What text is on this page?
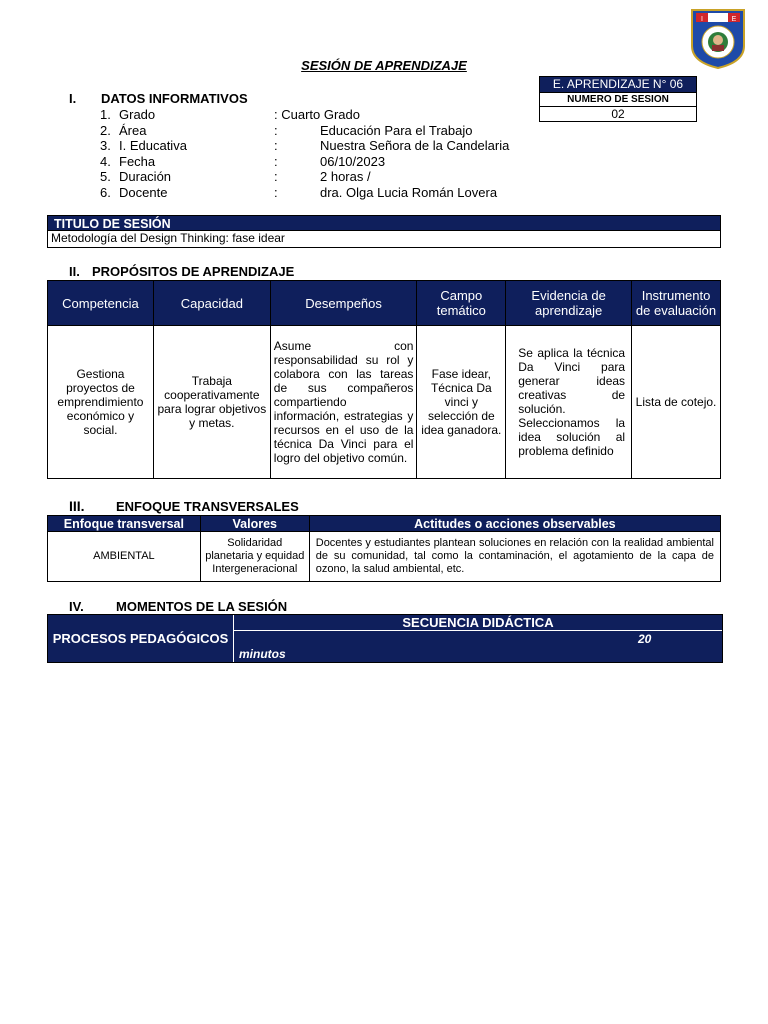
I	E
SESIÓN DE APRENDIZAJE
E. APRENDIZAJE N° 06
NUMERO DE SESION
02
I. DATOS INFORMATIVOS
1. Grado	: Cuarto Grado
2. Área	:	Educación Para el Trabajo
3. I. Educativa	:	Nuestra Señora de la Candelaria
4. Fecha	:	06/10/2023
5. Duración	:	2 horas /
6. Docente	:	dra. Olga Lucia Román Lovera
TITULO DE SESIÓN
Metodología del Design Thinking: fase idear
II. PROPÓSITOS DE APRENDIZAJE
Competencia	Capacidad	Desempeños	Campo temático	Evidencia de aprendizaje	Instrumento de evaluación
Gestiona proyectos de emprendimiento económico y social.	Trabaja cooperativamente para lograr objetivos y metas.	Asume con responsabilidad su rol y colabora con las tareas de sus compañeros compartiendo información, estrategias y recursos en el uso de la técnica Da Vinci para el logro del objetivo común.	Fase idear, Técnica Da vinci y selección de idea ganadora.	Se aplica la técnica Da Vinci para generar ideas creativas de solución. Seleccionamos la idea solución al problema definido	Lista de cotejo.
III. ENFOQUE TRANSVERSALES
Enfoque transversal	Valores	Actitudes o acciones observables
AMBIENTAL	Solidaridad planetaria y equidad Intergeneracional	Docentes y estudiantes plantean soluciones en relación con la realidad ambiental de su comunidad, tal como la contaminación, el agotamiento de la capa de ozono, la salud ambiental, etc.
IV. MOMENTOS DE LA SESIÓN
PROCESOS PEDAGÓGICOS
SECUENCIA DIDÁCTICA
20
minutos
